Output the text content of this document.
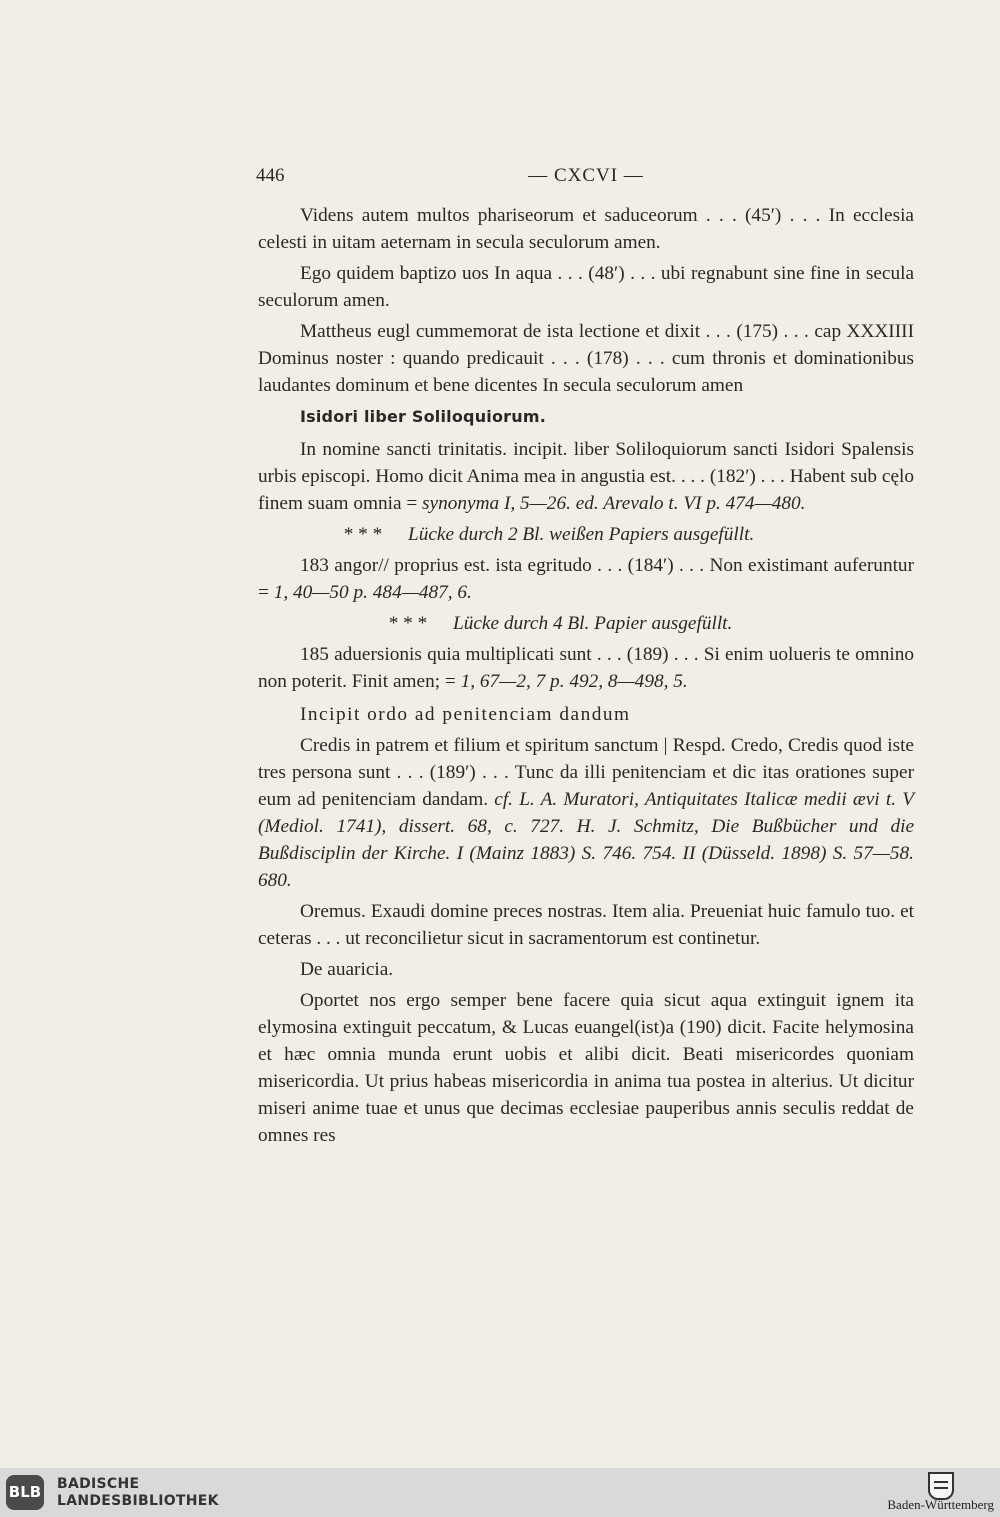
446	— CXCVI —

Videns autem multos phariseorum et saduceorum . . . (45′) . . . In ecclesia celesti in uitam aeternam in secula seculorum amen.

Ego quidem baptizo uos In aqua . . . (48′) . . . ubi regnabunt sine fine in secula seculorum amen.

Mattheus eugl cummemorat de ista lectione et dixit . . . (175) . . . cap XXXIIII Dominus noster : quando predicauit . . . (178) . . . cum thronis et dominationibus laudantes dominum et bene dicentes In secula seculorum amen

Isidori liber Soliloquiorum.

In nomine sancti trinitatis. incipit. liber Soliloquiorum sancti Isidori Spalensis urbis episcopi. Homo dicit Anima mea in angustia est. . . . (182′) . . . Habent sub cęlo finem suam omnia = synonyma I, 5—26. ed. Arevalo t. VI p. 474—480.

* * * Lücke durch 2 Bl. weißen Papiers ausgefüllt.

183 angor// proprius est. ista egritudo . . . (184′) . . . Non existimant auferuntur = 1, 40—50 p. 484—487, 6.

* * * Lücke durch 4 Bl. Papier ausgefüllt.

185 aduersionis quia multiplicati sunt . . . (189) . . . Si enim uolueris te omnino non poterit. Finit amen; = 1, 67—2, 7 p. 492, 8—498, 5.

Incipit ordo ad penitenciam dandum

Credis in patrem et filium et spiritum sanctum | Respd. Credo, Credis quod iste tres persona sunt . . . (189′) . . . Tunc da illi penitenciam et dic itas orationes super eum ad penitenciam dandam. cf. L. A. Muratori, Antiquitates Italicæ medii ævi t. V (Mediol. 1741), dissert. 68, c. 727. H. J. Schmitz, Die Bußbücher und die Bußdisciplin der Kirche. I (Mainz 1883) S. 746. 754. II (Düsseld. 1898) S. 57—58. 680.

Oremus. Exaudi domine preces nostras. Item alia. Preueniat huic famulo tuo. et ceteras . . . ut reconcilietur sicut in sacramentorum est continetur.

De auaricia.

Oportet nos ergo semper bene facere quia sicut aqua extinguit ignem ita elymosina extinguit peccatum, & Lucas euangel(ist)a (190) dicit. Facite helymosina et hæc omnia munda erunt uobis et alibi dicit. Beati misericordes quoniam misericordia. Ut prius habeas misericordia in anima tua postea in alterius. Ut dicitur miseri anime tuae et unus que decimas ecclesiae pauperibus annis seculis reddat de omnes res

BLB BADISCHE
LANDESBIBLIOTHEK	Baden-Württemberg
